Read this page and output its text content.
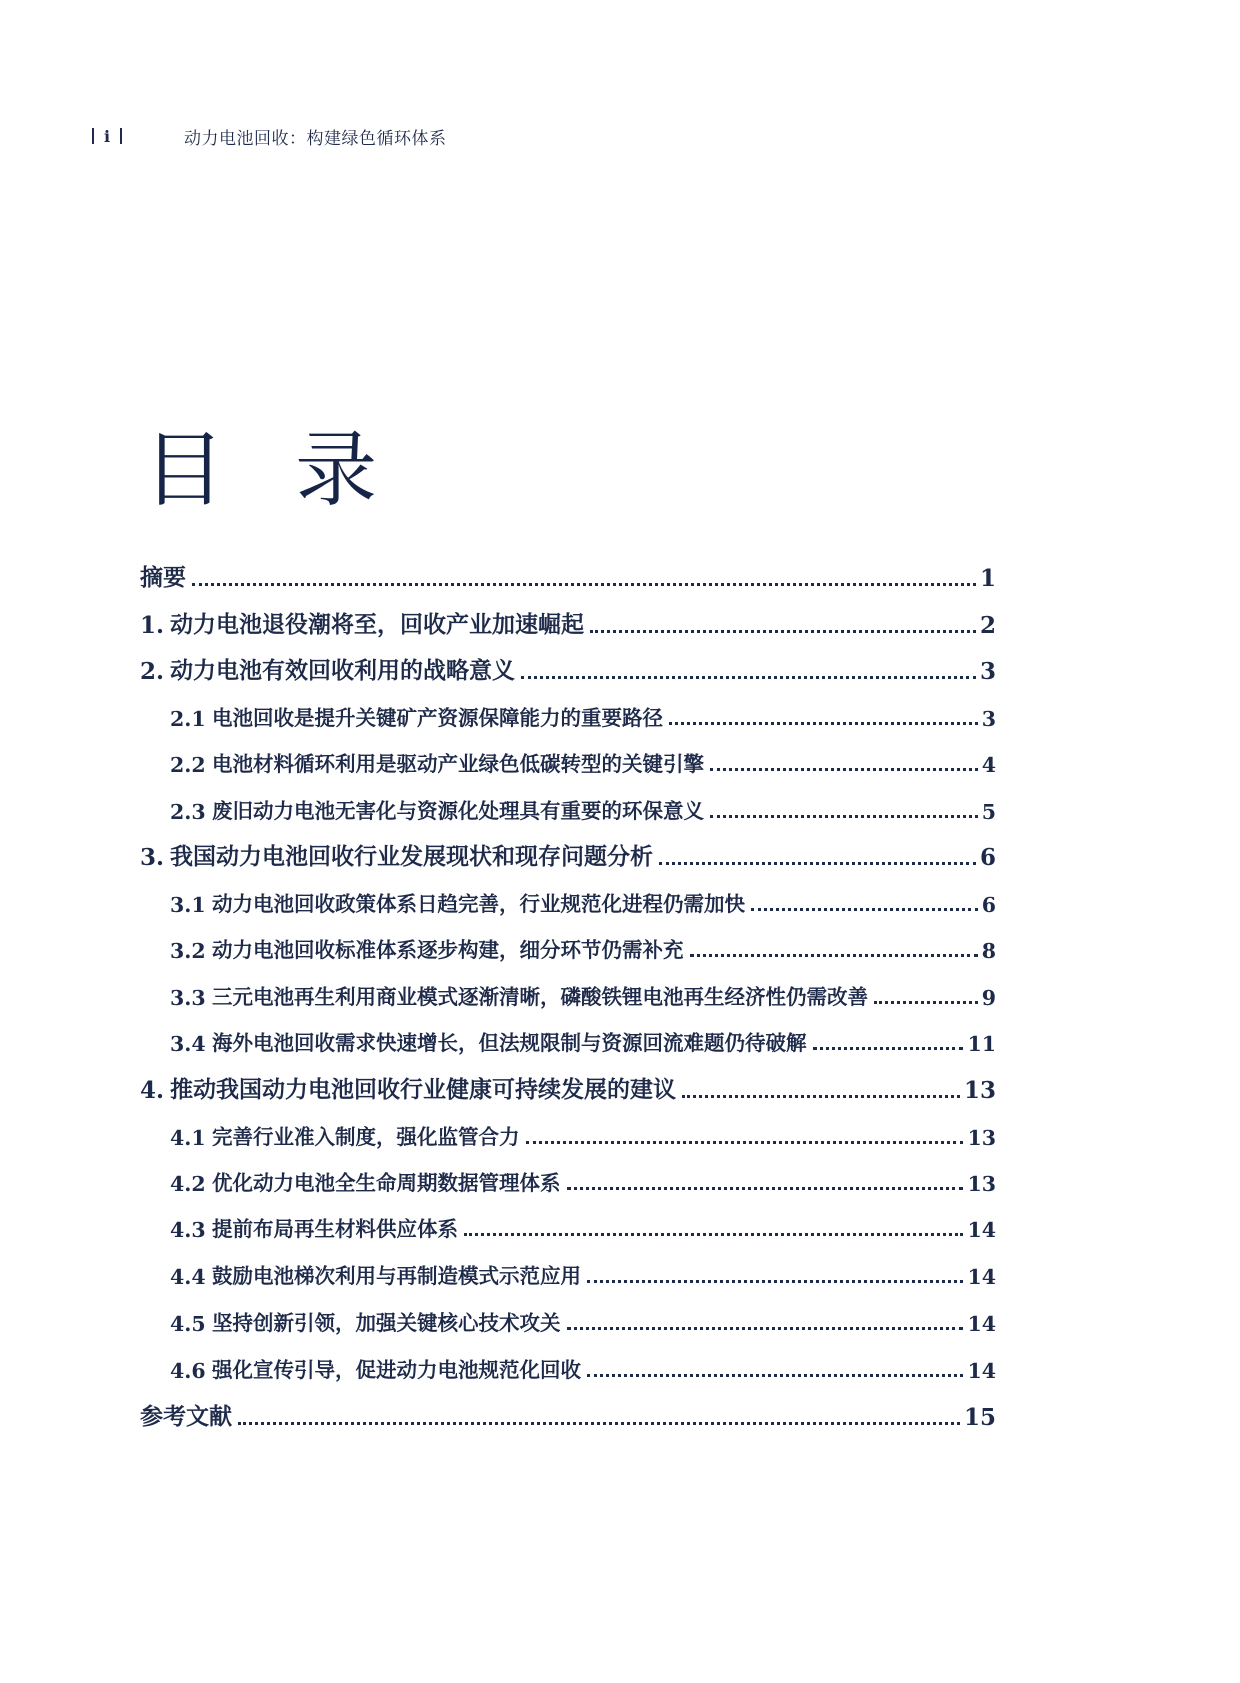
i	动力电池回收：构建绿色循环体系
目 录
摘要	1
1. 动力电池退役潮将至，回收产业加速崛起	2
2. 动力电池有效回收利用的战略意义	3
2.1 电池回收是提升关键矿产资源保障能力的重要路径	3
2.2 电池材料循环利用是驱动产业绿色低碳转型的关键引擎	4
2.3 废旧动力电池无害化与资源化处理具有重要的环保意义	5
3. 我国动力电池回收行业发展现状和现存问题分析	6
3.1 动力电池回收政策体系日趋完善，行业规范化进程仍需加快	6
3.2 动力电池回收标准体系逐步构建，细分环节仍需补充	8
3.3 三元电池再生利用商业模式逐渐清晰，磷酸铁锂电池再生经济性仍需改善	9
3.4 海外电池回收需求快速增长，但法规限制与资源回流难题仍待破解	11
4. 推动我国动力电池回收行业健康可持续发展的建议	13
4.1 完善行业准入制度，强化监管合力	13
4.2 优化动力电池全生命周期数据管理体系	13
4.3 提前布局再生材料供应体系	14
4.4 鼓励电池梯次利用与再制造模式示范应用	14
4.5 坚持创新引领，加强关键核心技术攻关	14
4.6 强化宣传引导，促进动力电池规范化回收	14
参考文献	15
